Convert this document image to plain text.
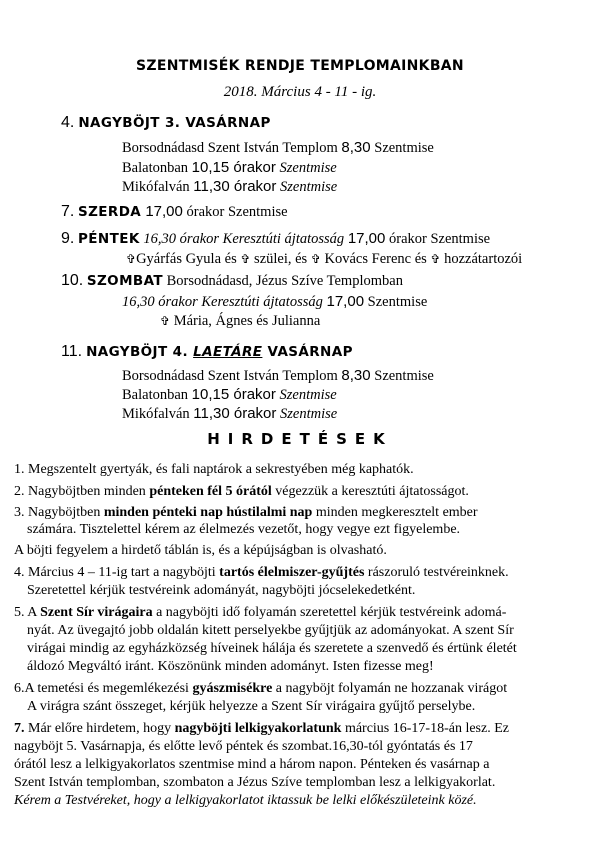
SZENTMISÉK RENDJE TEMPLOMAINKBAN
2018. Március 4 - 11 - ig.
4. NAGYBÖJT 3. VASÁRNAP
Borsodnádasd Szent István Templom 8,30 Szentmise
Balatonban 10,15 órakor Szentmise
Mikófalván 11,30 órakor Szentmise
7. SZERDA 17,00 órakor Szentmise
9. PÉNTEK 16,30 órakor Keresztúti ájtatosság 17,00 órakor Szentmise
✞Gyárfás Gyula és ✞ szülei, és ✞ Kovács Ferenc és ✞ hozzátartozói
10. SZOMBAT Borsodnádasd, Jézus Szíve Templomban
16,30 órakor Keresztúti ájtatosság 17,00 Szentmise
✞ Mária, Ágnes és Julianna
11. NAGYBÖJT 4. LAETÁRE VASÁRNAP
Borsodnádasd Szent István Templom 8,30 Szentmise
Balatonban 10,15 órakor Szentmise
Mikófalván 11,30 órakor Szentmise
HIRDETÉSEK
1. Megszentelt gyertyák, és fali naptárok a sekrestyében még kaphatók.
2. Nagyböjtben minden pénteken fél 5 órától végezzük a keresztúti ájtatosságot.
3. Nagyböjtben minden pénteki nap hústilalmi nap minden megkeresztelt ember
számára. Tisztelettel kérem az élelmezés vezetőt, hogy vegye ezt figyelembe.
A böjti fegyelem a hirdető táblán is, és a képújságban is olvasható.
4. Március 4 – 11-ig tart a nagyböjti tartós élelmiszer-gyűjtés rászoruló testvéreinknek.
Szeretettel kérjük testvéreink adományát, nagyböjti jócselekedetként.
5. A Szent Sír virágaira a nagyböjti idő folyamán szeretettel kérjük testvéreink adomá-
nyát. Az üvegajtó jobb oldalán kitett perselyekbe gyűjtjük az adományokat. A szent Sír
virágai mindig az egyházközség híveinek hálája és szeretete a szenvedő és értünk életét
áldozó Megváltó iránt. Köszönünk minden adományt. Isten fizesse meg!
6.A temetési és megemlékezési gyászmisékre a nagyböjt folyamán ne hozzanak virágot
A virágra szánt összeget, kérjük helyezze a Szent Sír virágaira gyűjtő perselybe.
7. Már előre hirdetem, hogy nagyböjti lelkigyakorlatunk március 16-17-18-án lesz. Ez
nagyböjt 5. Vasárnapja, és előtte levő péntek és szombat.16,30-tól gyóntatás és 17
órától lesz a lelkigyakorlatos szentmise mind a három napon. Pénteken és vasárnap a
Szent István templomban, szombaton a Jézus Szíve templomban lesz a lelkigyakorlat.
Kérem a Testvéreket, hogy a lelkigyakorlatot iktassuk be lelki előkészületeink közé.
